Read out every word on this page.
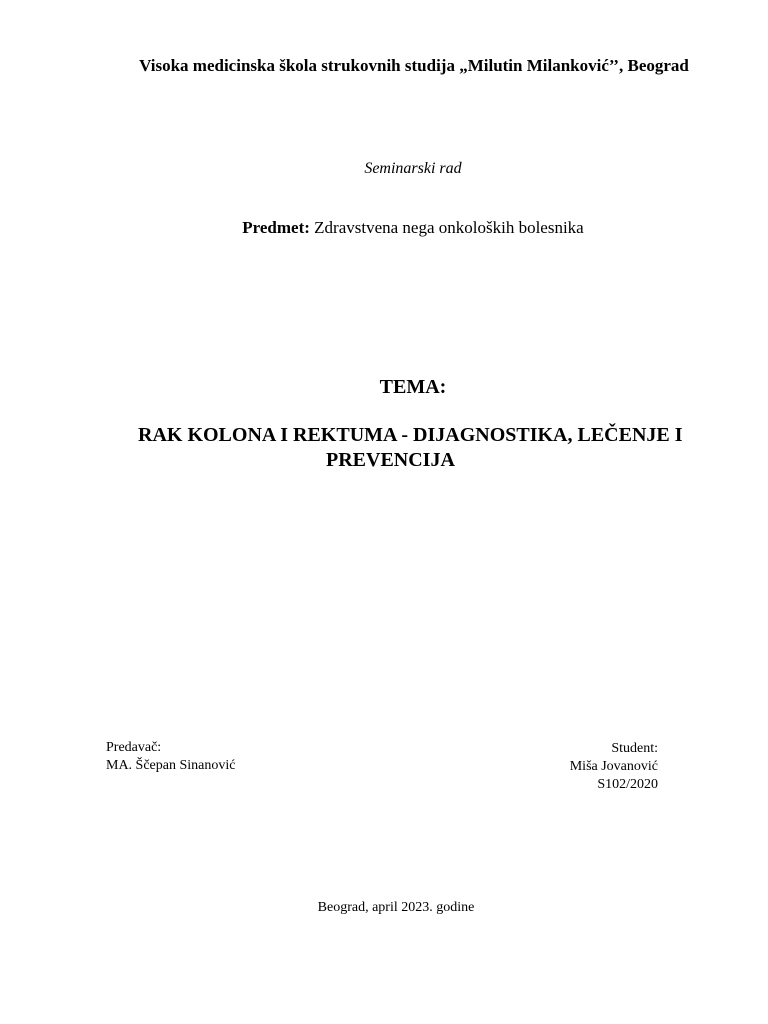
Visoka medicinska škola strukovnih studija „Milutin Milanković’’, Beograd
Seminarski rad
Predmet: Zdravstvena nega onkoloških bolesnika
TEMA:
RAK KOLONA I REKTUMA - DIJAGNOSTIKA, LEČENJE I
PREVENCIJA
Predavač:
MA. Ščepan Sinanović
Student:
Miša Jovanović
S102/2020
Beograd, april 2023. godine
